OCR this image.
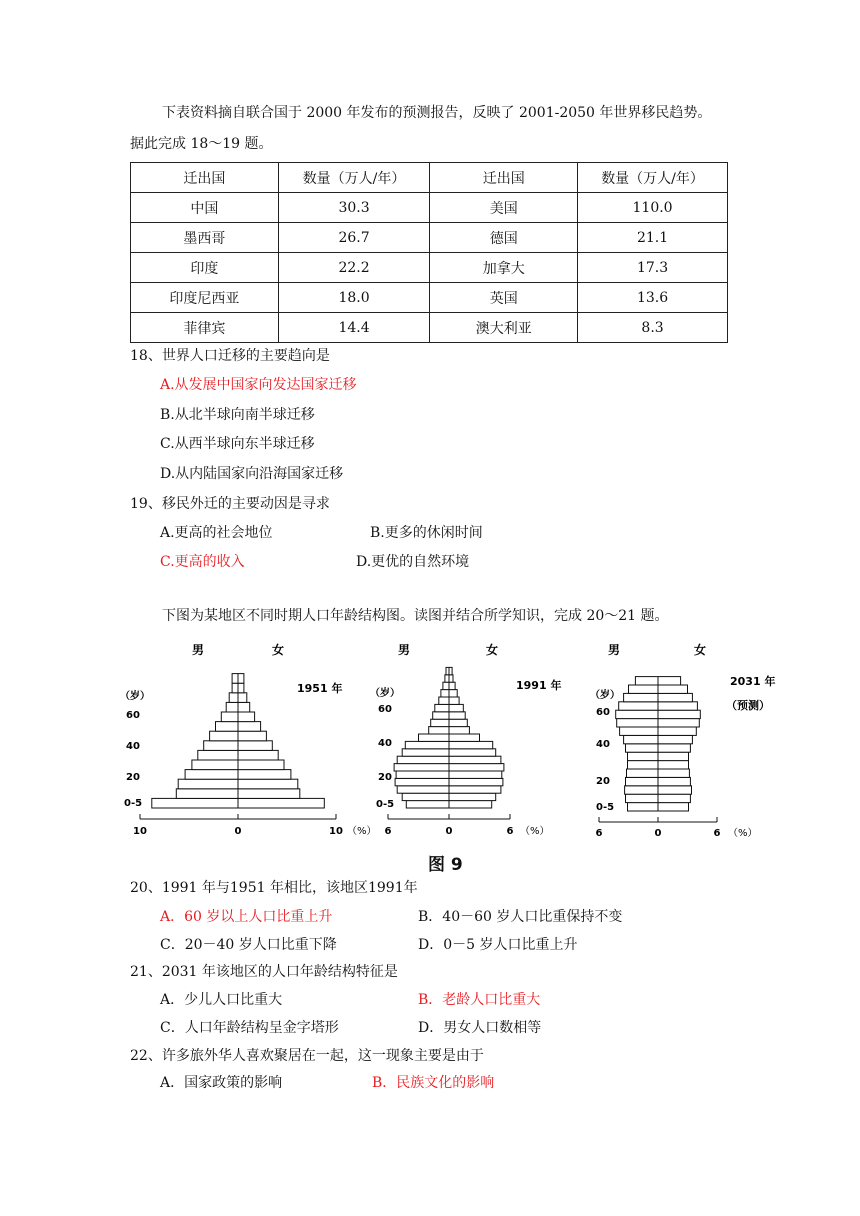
下表资料摘自联合国于 2000 年发布的预测报告，反映了 2001-2050 年世界移民趋势。
据此完成 18～19 题。
迁出国	数量（万人/年）	迁出国	数量（万人/年）
中国	30.3	美国	110.0
墨西哥	26.7	德国	21.1
印度	22.2	加拿大	17.3
印度尼西亚	18.0	英国	13.6
菲律宾	14.4	澳大利亚	8.3
18、世界人口迁移的主要趋向是
A.从发展中国家向发达国家迁移
B.从北半球向南半球迁移
C.从西半球向东半球迁移
D.从内陆国家向沿海国家迁移
19、移民外迁的主要动因是寻求
A.更高的社会地位	B.更多的休闲时间
C.更高的收入	D.更优的自然环境
下图为某地区不同时期人口年龄结构图。读图并结合所学知识，完成 20～21 题。
男	女
1951 年
（岁）
60
40
20
0-5
10	0	10 （%）
男	女
1991 年
（岁）
60
40
20
0-5
6	0	6 （%）
男	女
2031 年
（预测）
（岁）
60
40
20
0-5
6	0	6 （%）
图 9
20、1991 年与1951 年相比，该地区1991年
A．60 岁以上人口比重上升	B．40－60 岁人口比重保持不变
C．20－40 岁人口比重下降	D．0－5 岁人口比重上升
21、2031 年该地区的人口年龄结构特征是
A．少儿人口比重大	B．老龄人口比重大
C．人口年龄结构呈金字塔形	D．男女人口数相等
22、许多旅外华人喜欢聚居在一起，这一现象主要是由于
A．国家政策的影响	B．民族文化的影响
